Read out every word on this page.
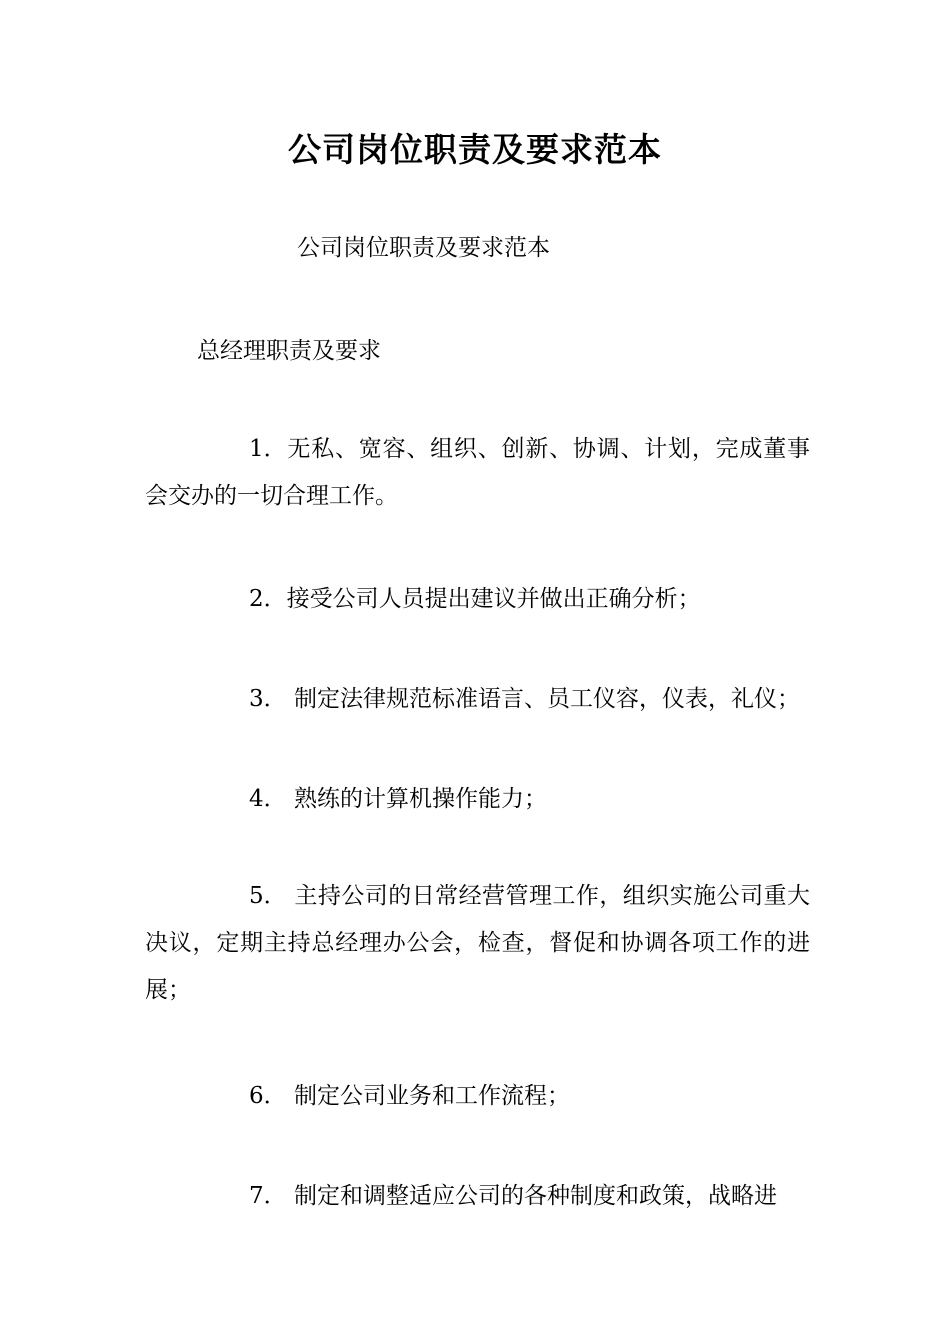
公司岗位职责及要求范本
公司岗位职责及要求范本
总经理职责及要求
1．无私、宽容、组织、创新、协调、计划，完成董事会交办的一切合理工作。
2．接受公司人员提出建议并做出正确分析；
3． 制定法律规范标准语言、员工仪容，仪表，礼仪；
4． 熟练的计算机操作能力；
5． 主持公司的日常经营管理工作，组织实施公司重大决议，定期主持总经理办公会，检查，督促和协调各项工作的进展；
6． 制定公司业务和工作流程；
7． 制定和调整适应公司的各种制度和政策，战略进
